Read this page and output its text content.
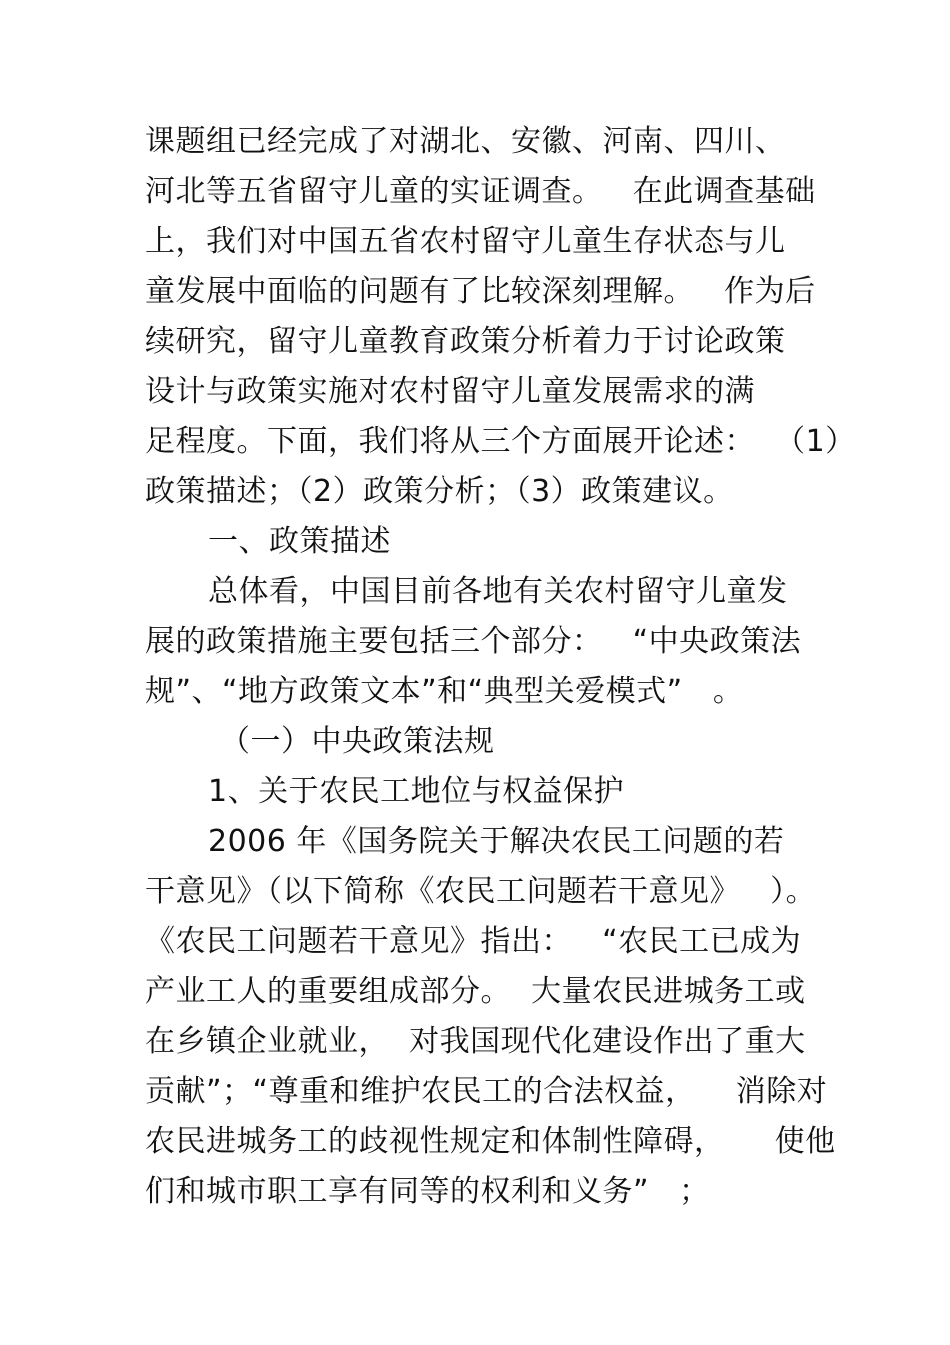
课题组已经完成了对湖北、安徽、河南、四川、
河北等五省留守儿童的实证调查。   在此调查基础
上，我们对中国五省农村留守儿童生存状态与儿
童发展中面临的问题有了比较深刻理解。   作为后
续研究，留守儿童教育政策分析着力于讨论政策
设计与政策实施对农村留守儿童发展需求的满
足程度。下面，我们将从三个方面展开论述：  （1）
政策描述；（2）政策分析；（3）政策建议。
一、政策描述
总体看，中国目前各地有关农村留守儿童发
展的政策措施主要包括三个部分：   “中央政策法
规”、“地方政策文本”和“典型关爱模式”   。
（一）中央政策法规
1、关于农民工地位与权益保护
2006 年《国务院关于解决农民工问题的若
干意见》（以下简称《农民工问题若干意见》   ）。
《农民工问题若干意见》指出：   “农民工已成为
产业工人的重要组成部分。  大量农民进城务工或
在乡镇企业就业，  对我国现代化建设作出了重大
贡献”；“尊重和维护农民工的合法权益，    消除对
农民进城务工的歧视性规定和体制性障碍，     使他
们和城市职工享有同等的权利和义务”   ；
